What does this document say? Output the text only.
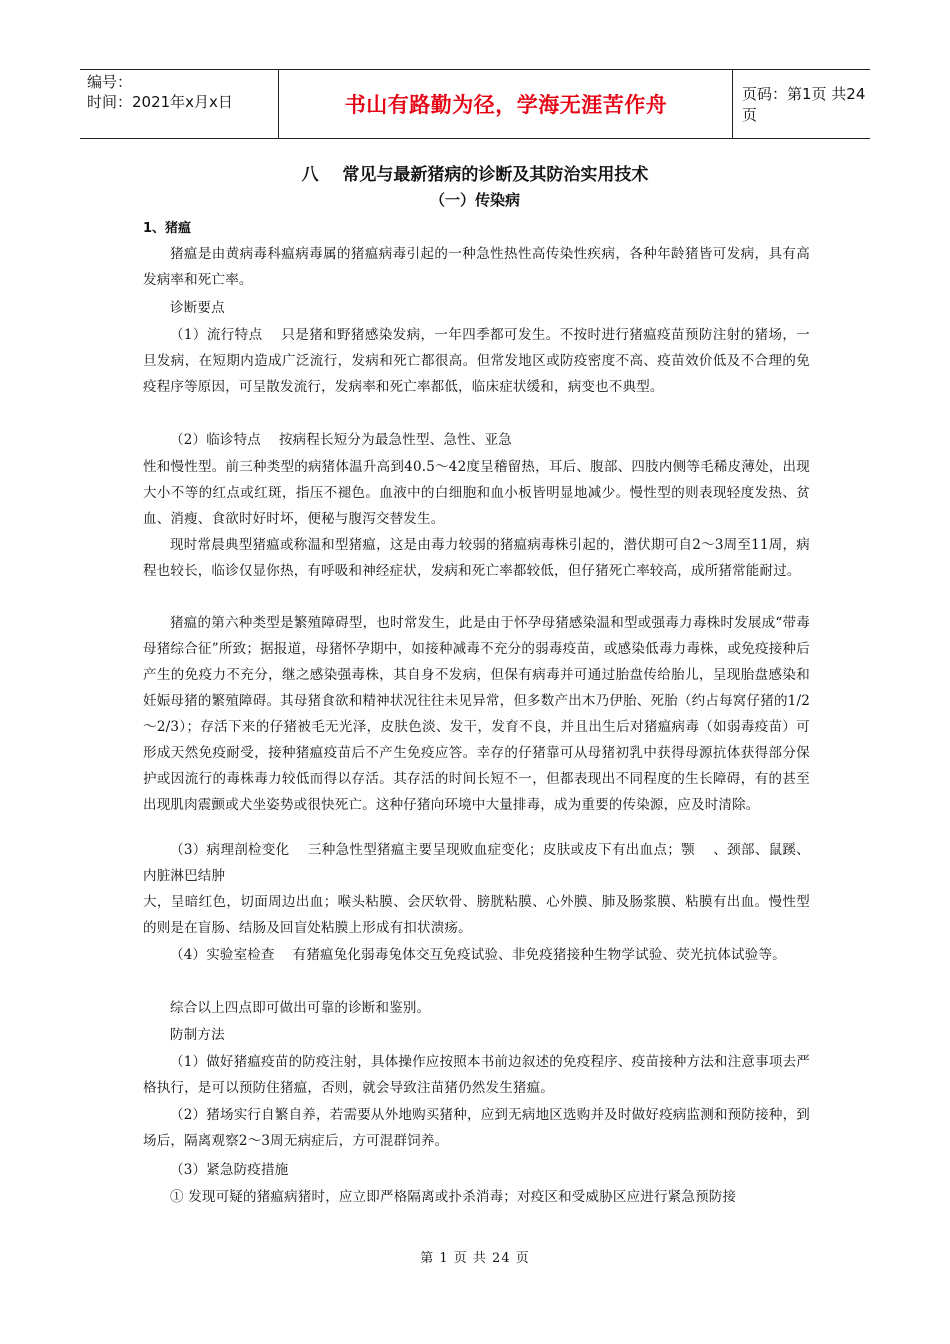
编号：
时间：2021年x月x日	书山有路勤为径，学海无涯苦作舟	页码：第1页 共24页
八    常见与最新猪病的诊断及其防治实用技术
（一）传染病
1、猪瘟
猪瘟是由黄病毒科瘟病毒属的猪瘟病毒引起的一种急性热性高传染性疾病，各种年龄猪皆可发病，具有高发病率和死亡率。
诊断要点
（1）流行特点    只是猪和野猪感染发病，一年四季都可发生。不按时进行猪瘟疫苗预防注射的猪场，一旦发病，在短期内造成广泛流行，发病和死亡都很高。但常发地区或防疫密度不高、疫苗效价低及不合理的免疫程序等原因，可呈散发流行，发病率和死亡率都低，临床症状缓和，病变也不典型。
（2）临诊特点    按病程长短分为最急性型、急性、亚急
性和慢性型。前三种类型的病猪体温升高到40.5～42度呈稽留热，耳后、腹部、四肢内侧等毛稀皮薄处，出现大小不等的红点或红斑，指压不褪色。血液中的白细胞和血小板皆明显地减少。慢性型的则表现轻度发热、贫血、消瘦、食欲时好时坏，便秘与腹泻交替发生。
现时常晨典型猪瘟或称温和型猪瘟，这是由毒力较弱的猪瘟病毒株引起的，潜伏期可自2～3周至11周，病程也较长，临诊仅显你热，有呼吸和神经症状，发病和死亡率都较低，但仔猪死亡率较高，成所猪常能耐过。
猪瘟的第六种类型是繁殖障碍型，也时常发生，此是由于怀孕母猪感染温和型或强毒力毒株时发展成“带毒母猪综合征”所致；据报道，母猪怀孕期中，如接种减毒不充分的弱毒疫苗，或感染低毒力毒株，或免疫接种后产生的免疫力不充分，继之感染强毒株，其自身不发病，但保有病毒并可通过胎盘传给胎儿，呈现胎盘感染和妊娠母猪的繁殖障碍。其母猪食欲和精神状况往往未见异常，但多数产出木乃伊胎、死胎（约占每窝仔猪的1/2～2/3）；存活下来的仔猪被毛无光泽，皮肤色淡、发干，发育不良，并且出生后对猪瘟病毒（如弱毒疫苗）可形成天然免疫耐受，接种猪瘟疫苗后不产生免疫应答。幸存的仔猪靠可从母猪初乳中获得母源抗体获得部分保护或因流行的毒株毒力较低而得以存活。其存活的时间长短不一，但都表现出不同程度的生长障碍，有的甚至出现肌肉震颤或犬坐姿势或很快死亡。这种仔猪向环境中大量排毒，成为重要的传染源，应及时清除。
（3）病理剖检变化    三种急性型猪瘟主要呈现败血症变化；皮肤或皮下有出血点；颚    、颈部、鼠蹊、内脏淋巴结肿
大，呈暗红色，切面周边出血；喉头粘膜、会厌软骨、膀胱粘膜、心外膜、肺及肠浆膜、粘膜有出血。慢性型的则是在盲肠、结肠及回盲处粘膜上形成有扣状溃疡。
（4）实验室检查    有猪瘟兔化弱毒兔体交互免疫试验、非免疫猪接种生物学试验、荧光抗体试验等。
综合以上四点即可做出可靠的诊断和鉴别。
防制方法
（1）做好猪瘟疫苗的防疫注射，具体操作应按照本书前边叙述的免疫程序、疫苗接种方法和注意事项去严格执行，是可以预防住猪瘟，否则，就会导致注苗猪仍然发生猪瘟。
（2）猪场实行自繁自养，若需要从外地购买猪种，应到无病地区选购并及时做好疫病监测和预防接种，到场后，隔离观察2～3周无病症后，方可混群饲养。
（3）紧急防疫措施
① 发现可疑的猪瘟病猪时，应立即严格隔离或扑杀消毒；对疫区和受威胁区应进行紧急预防接
第 1 页 共 24 页
